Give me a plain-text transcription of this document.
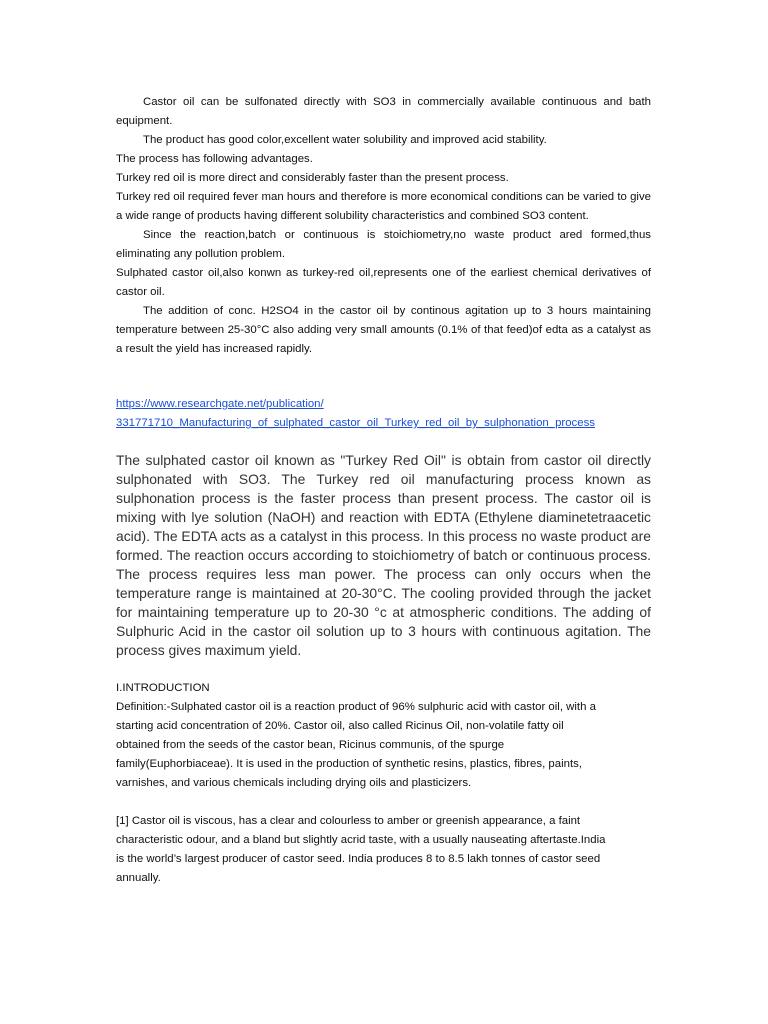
Castor oil can be sulfonated directly with SO3 in commercially available continuous and bath equipment.

The product has good color,excellent water solubility and improved acid stability.

The process has following advantages.

Turkey red oil is more direct and considerably faster than the present process.

Turkey red oil required fever man hours and therefore is more economical conditions can be varied to give a wide range of products having different solubility characteristics and combined SO3 content.

Since the reaction,batch or continuous is stoichiometry,no waste product ared formed,thus eliminating any pollution problem.

Sulphated castor oil,also konwn as turkey-red oil,represents one of the earliest chemical derivatives of castor oil.

The addition of conc. H2SO4 in the castor oil by continous agitation up to 3 hours maintaining temperature between 25-30°C also adding very small amounts (0.1% of that feed)of edta as a catalyst as a result the yield has increased rapidly.

https://www.researchgate.net/publication/
331771710_Manufacturing_of_sulphated_castor_oil_Turkey_red_oil_by_sulphonation_process
The sulphated castor oil known as "Turkey Red Oil" is obtain from castor oil directly sulphonated with SO3. The Turkey red oil manufacturing process known as sulphonation process is the faster process than present process. The castor oil is mixing with lye solution (NaOH) and reaction with EDTA (Ethylene diaminetetraacetic acid). The EDTA acts as a catalyst in this process. In this process no waste product are formed. The reaction occurs according to stoichiometry of batch or continuous process. The process requires less man power. The process can only occurs when the temperature range is maintained at 20-30°C. The cooling provided through the jacket for maintaining temperature up to 20-30 °c at atmospheric conditions. The adding of Sulphuric Acid in the castor oil solution up to 3 hours with continuous agitation. The process gives maximum yield.

I.INTRODUCTION

Definition:-Sulphated castor oil is a reaction product of 96% sulphuric acid with castor oil, with a

starting acid concentration of 20%. Castor oil, also called Ricinus Oil, non-volatile fatty oil

obtained from the seeds of the castor bean, Ricinus communis, of the spurge

family(Euphorbiaceae). It is used in the production of synthetic resins, plastics, fibres, paints,

varnishes, and various chemicals including drying oils and plasticizers.

[1] Castor oil is viscous, has a clear and colourless to amber or greenish appearance, a faint

characteristic odour, and a bland but slightly acrid taste, with a usually nauseating aftertaste.India

is the world’s largest producer of castor seed. India produces 8 to 8.5 lakh tonnes of castor seed

annually.
